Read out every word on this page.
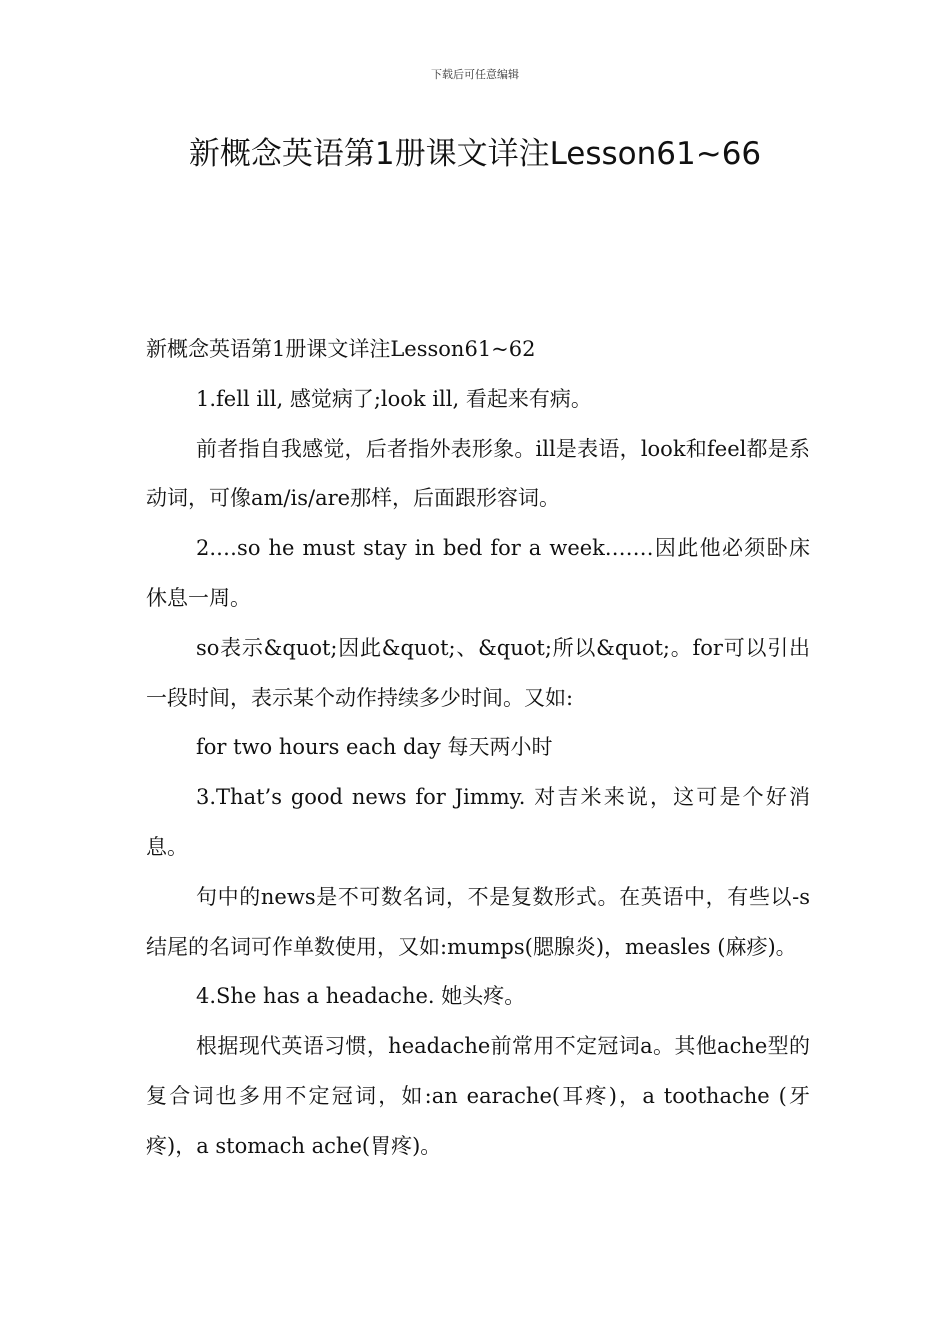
下载后可任意编辑
新概念英语第1册课文详注Lesson61~66

新概念英语第1册课文详注Lesson61~62

1.fell ill, 感觉病了;look ill, 看起来有病。

前者指自我感觉，后者指外表形象。ill是表语，look和feel都是系动词，可像am/is/are那样，后面跟形容词。

2.…so he must stay in bed for a week.……因此他必须卧床休息一周。

so表示&quot;因此&quot;、&quot;所以&quot;。for可以引出一段时间，表示某个动作持续多少时间。又如:

for two hours each day 每天两小时

3.That’s good news for Jimmy. 对吉米来说，这可是个好消息。

句中的news是不可数名词，不是复数形式。在英语中，有些以-s 结尾的名词可作单数使用，又如:mumps(腮腺炎)，measles (麻疹)。

4.She has a headache. 她头疼。

根据现代英语习惯，headache前常用不定冠词a。其他ache型的复合词也多用不定冠词，如:an earache(耳疼)，a toothache (牙疼)，a stomach ache(胃疼)。
